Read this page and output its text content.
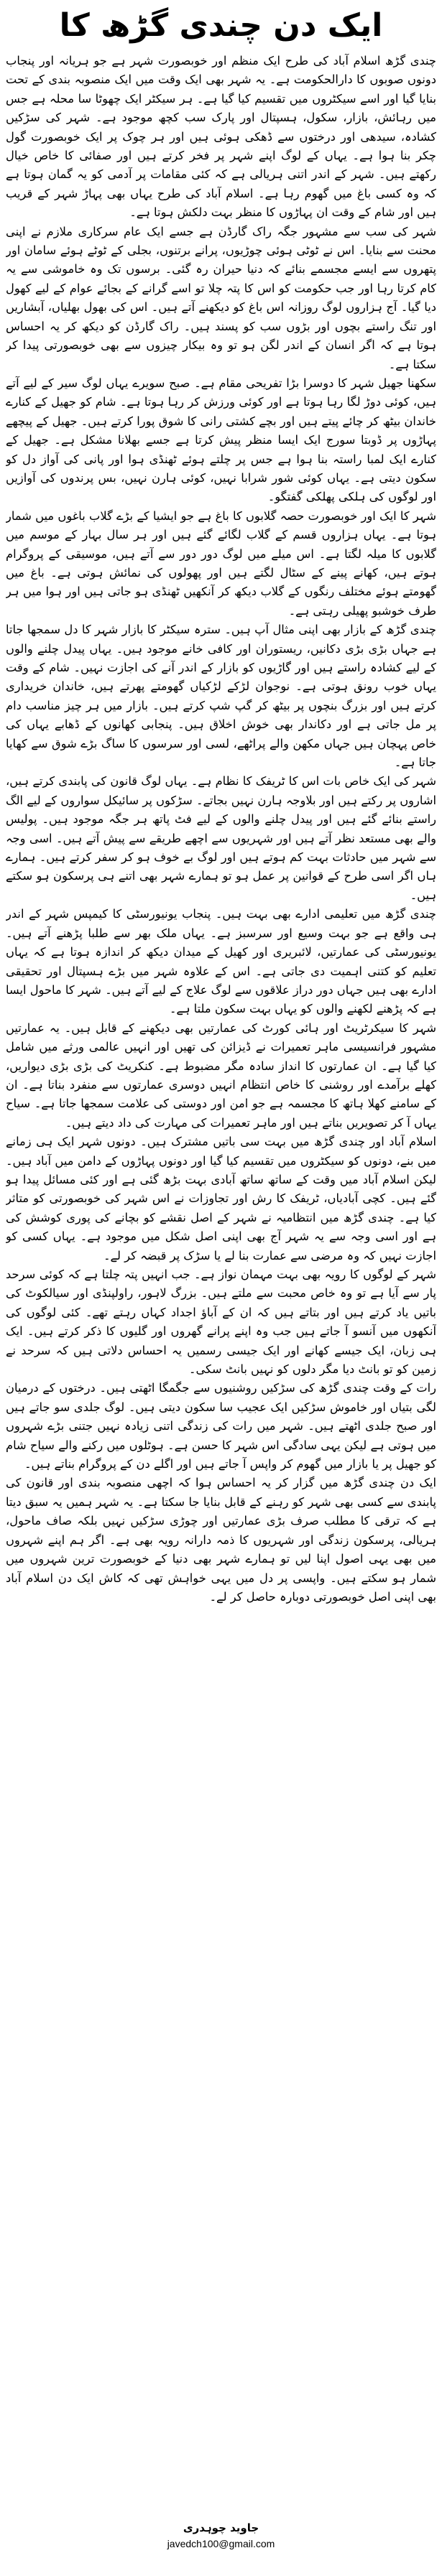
ایک دن چندی گڑھ کا

چندی گڑھ اسلام آباد کی طرح ایک منظم اور خوبصورت شہر ہے جو ہریانہ اور پنجاب دونوں صوبوں کا دارالحکومت ہے۔ یہ شہر بھی ایک وقت میں ایک منصوبہ بندی کے تحت بنایا گیا اور اسے سیکٹروں میں تقسیم کیا گیا ہے۔ ہر سیکٹر ایک چھوٹا سا محلہ ہے جس میں رہائش، بازار، سکول، ہسپتال اور پارک سب کچھ موجود ہے۔ شہر کی سڑکیں کشادہ، سیدھی اور درختوں سے ڈھکی ہوئی ہیں اور ہر چوک پر ایک خوبصورت گول چکر بنا ہوا ہے۔ یہاں کے لوگ اپنے شہر پر فخر کرتے ہیں اور صفائی کا خاص خیال رکھتے ہیں۔ شہر کے اندر اتنی ہریالی ہے کہ کئی مقامات پر آدمی کو یہ گمان ہوتا ہے کہ وہ کسی باغ میں گھوم رہا ہے۔ اسلام آباد کی طرح یہاں بھی پہاڑ شہر کے قریب ہیں اور شام کے وقت ان پہاڑوں کا منظر بہت دلکش ہوتا ہے۔

شہر کی سب سے مشہور جگہ راک گارڈن ہے جسے ایک عام سرکاری ملازم نے اپنی محنت سے بنایا۔ اس نے ٹوٹی ہوئی چوڑیوں، پرانے برتنوں، بجلی کے ٹوٹے ہوئے سامان اور پتھروں سے ایسے مجسمے بنائے کہ دنیا حیران رہ گئی۔ برسوں تک وہ خاموشی سے یہ کام کرتا رہا اور جب حکومت کو اس کا پتہ چلا تو اسے گرانے کے بجائے عوام کے لیے کھول دیا گیا۔ آج ہزاروں لوگ روزانہ اس باغ کو دیکھنے آتے ہیں۔ اس کی بھول بھلیاں، آبشاریں اور تنگ راستے بچوں اور بڑوں سب کو پسند ہیں۔ راک گارڈن کو دیکھ کر یہ احساس ہوتا ہے کہ اگر انسان کے اندر لگن ہو تو وہ بیکار چیزوں سے بھی خوبصورتی پیدا کر سکتا ہے۔

سکھنا جھیل شہر کا دوسرا بڑا تفریحی مقام ہے۔ صبح سویرے یہاں لوگ سیر کے لیے آتے ہیں، کوئی دوڑ لگا رہا ہوتا ہے اور کوئی ورزش کر رہا ہوتا ہے۔ شام کو جھیل کے کنارے خاندان بیٹھ کر چائے پیتے ہیں اور بچے کشتی رانی کا شوق پورا کرتے ہیں۔ جھیل کے پیچھے پہاڑوں پر ڈوبتا سورج ایک ایسا منظر پیش کرتا ہے جسے بھلانا مشکل ہے۔ جھیل کے کنارے ایک لمبا راستہ بنا ہوا ہے جس پر چلتے ہوئے ٹھنڈی ہوا اور پانی کی آواز دل کو سکون دیتی ہے۔ یہاں کوئی شور شرابا نہیں، کوئی ہارن نہیں، بس پرندوں کی آوازیں اور لوگوں کی ہلکی پھلکی گفتگو۔

شہر کا ایک اور خوبصورت حصہ گلابوں کا باغ ہے جو ایشیا کے بڑے گلاب باغوں میں شمار ہوتا ہے۔ یہاں ہزاروں قسم کے گلاب لگائے گئے ہیں اور ہر سال بہار کے موسم میں گلابوں کا میلہ لگتا ہے۔ اس میلے میں لوگ دور دور سے آتے ہیں، موسیقی کے پروگرام ہوتے ہیں، کھانے پینے کے سٹال لگتے ہیں اور پھولوں کی نمائش ہوتی ہے۔ باغ میں گھومتے ہوئے مختلف رنگوں کے گلاب دیکھ کر آنکھیں ٹھنڈی ہو جاتی ہیں اور ہوا میں ہر طرف خوشبو پھیلی رہتی ہے۔

چندی گڑھ کے بازار بھی اپنی مثال آپ ہیں۔ سترہ سیکٹر کا بازار شہر کا دل سمجھا جاتا ہے جہاں بڑی بڑی دکانیں، ریستوران اور کافی خانے موجود ہیں۔ یہاں پیدل چلنے والوں کے لیے کشادہ راستے ہیں اور گاڑیوں کو بازار کے اندر آنے کی اجازت نہیں۔ شام کے وقت یہاں خوب رونق ہوتی ہے۔ نوجوان لڑکے لڑکیاں گھومتے پھرتے ہیں، خاندان خریداری کرتے ہیں اور بزرگ بنچوں پر بیٹھ کر گپ شپ کرتے ہیں۔ بازار میں ہر چیز مناسب دام پر مل جاتی ہے اور دکاندار بھی خوش اخلاق ہیں۔ پنجابی کھانوں کے ڈھابے یہاں کی خاص پہچان ہیں جہاں مکھن والے پراٹھے، لسی اور سرسوں کا ساگ بڑے شوق سے کھایا جاتا ہے۔

شہر کی ایک خاص بات اس کا ٹریفک کا نظام ہے۔ یہاں لوگ قانون کی پابندی کرتے ہیں، اشاروں پر رکتے ہیں اور بلاوجہ ہارن نہیں بجاتے۔ سڑکوں پر سائیکل سواروں کے لیے الگ راستے بنائے گئے ہیں اور پیدل چلنے والوں کے لیے فٹ پاتھ ہر جگہ موجود ہیں۔ پولیس والے بھی مستعد نظر آتے ہیں اور شہریوں سے اچھے طریقے سے پیش آتے ہیں۔ اسی وجہ سے شہر میں حادثات بہت کم ہوتے ہیں اور لوگ بے خوف ہو کر سفر کرتے ہیں۔ ہمارے ہاں اگر اسی طرح کے قوانین پر عمل ہو تو ہمارے شہر بھی اتنے ہی پرسکون ہو سکتے ہیں۔

چندی گڑھ میں تعلیمی ادارے بھی بہت ہیں۔ پنجاب یونیورسٹی کا کیمپس شہر کے اندر ہی واقع ہے جو بہت وسیع اور سرسبز ہے۔ یہاں ملک بھر سے طلبا پڑھنے آتے ہیں۔ یونیورسٹی کی عمارتیں، لائبریری اور کھیل کے میدان دیکھ کر اندازہ ہوتا ہے کہ یہاں تعلیم کو کتنی اہمیت دی جاتی ہے۔ اس کے علاوہ شہر میں بڑے ہسپتال اور تحقیقی ادارے بھی ہیں جہاں دور دراز علاقوں سے لوگ علاج کے لیے آتے ہیں۔ شہر کا ماحول ایسا ہے کہ پڑھنے لکھنے والوں کو یہاں بہت سکون ملتا ہے۔

شہر کا سیکرٹریٹ اور ہائی کورٹ کی عمارتیں بھی دیکھنے کے قابل ہیں۔ یہ عمارتیں مشہور فرانسیسی ماہر تعمیرات نے ڈیزائن کی تھیں اور انہیں عالمی ورثے میں شامل کیا گیا ہے۔ ان عمارتوں کا انداز سادہ مگر مضبوط ہے۔ کنکریٹ کی بڑی بڑی دیواریں، کھلے برآمدے اور روشنی کا خاص انتظام انہیں دوسری عمارتوں سے منفرد بناتا ہے۔ ان کے سامنے کھلا ہاتھ کا مجسمہ ہے جو امن اور دوستی کی علامت سمجھا جاتا ہے۔ سیاح یہاں آ کر تصویریں بناتے ہیں اور ماہر تعمیرات کی مہارت کی داد دیتے ہیں۔

اسلام آباد اور چندی گڑھ میں بہت سی باتیں مشترک ہیں۔ دونوں شہر ایک ہی زمانے میں بنے، دونوں کو سیکٹروں میں تقسیم کیا گیا اور دونوں پہاڑوں کے دامن میں آباد ہیں۔ لیکن اسلام آباد میں وقت کے ساتھ ساتھ آبادی بہت بڑھ گئی ہے اور کئی مسائل پیدا ہو گئے ہیں۔ کچی آبادیاں، ٹریفک کا رش اور تجاوزات نے اس شہر کی خوبصورتی کو متاثر کیا ہے۔ چندی گڑھ میں انتظامیہ نے شہر کے اصل نقشے کو بچانے کی پوری کوشش کی ہے اور اسی وجہ سے یہ شہر آج بھی اپنی اصل شکل میں موجود ہے۔ یہاں کسی کو اجازت نہیں کہ وہ مرضی سے عمارت بنا لے یا سڑک پر قبضہ کر لے۔

شہر کے لوگوں کا رویہ بھی بہت مہمان نواز ہے۔ جب انہیں پتہ چلتا ہے کہ کوئی سرحد پار سے آیا ہے تو وہ خاص محبت سے ملتے ہیں۔ بزرگ لاہور، راولپنڈی اور سیالکوٹ کی باتیں یاد کرتے ہیں اور بتاتے ہیں کہ ان کے آباؤ اجداد کہاں رہتے تھے۔ کئی لوگوں کی آنکھوں میں آنسو آ جاتے ہیں جب وہ اپنے پرانے گھروں اور گلیوں کا ذکر کرتے ہیں۔ ایک ہی زبان، ایک جیسے کھانے اور ایک جیسی رسمیں یہ احساس دلاتی ہیں کہ سرحد نے زمین کو تو بانٹ دیا مگر دلوں کو نہیں بانٹ سکی۔

رات کے وقت چندی گڑھ کی سڑکیں روشنیوں سے جگمگا اٹھتی ہیں۔ درختوں کے درمیان لگی بتیاں اور خاموش سڑکیں ایک عجیب سا سکون دیتی ہیں۔ لوگ جلدی سو جاتے ہیں اور صبح جلدی اٹھتے ہیں۔ شہر میں رات کی زندگی اتنی زیادہ نہیں جتنی بڑے شہروں میں ہوتی ہے لیکن یہی سادگی اس شہر کا حسن ہے۔ ہوٹلوں میں رکنے والے سیاح شام کو جھیل پر یا بازار میں گھوم کر واپس آ جاتے ہیں اور اگلے دن کے پروگرام بناتے ہیں۔

ایک دن چندی گڑھ میں گزار کر یہ احساس ہوا کہ اچھی منصوبہ بندی اور قانون کی پابندی سے کسی بھی شہر کو رہنے کے قابل بنایا جا سکتا ہے۔ یہ شہر ہمیں یہ سبق دیتا ہے کہ ترقی کا مطلب صرف بڑی عمارتیں اور چوڑی سڑکیں نہیں بلکہ صاف ماحول، ہریالی، پرسکون زندگی اور شہریوں کا ذمہ دارانہ رویہ بھی ہے۔ اگر ہم اپنے شہروں میں بھی یہی اصول اپنا لیں تو ہمارے شہر بھی دنیا کے خوبصورت ترین شہروں میں شمار ہو سکتے ہیں۔ واپسی پر دل میں یہی خواہش تھی کہ کاش ایک دن اسلام آباد بھی اپنی اصل خوبصورتی دوبارہ حاصل کر لے۔

جاوید چوہدری
javedch100@gmail.com
